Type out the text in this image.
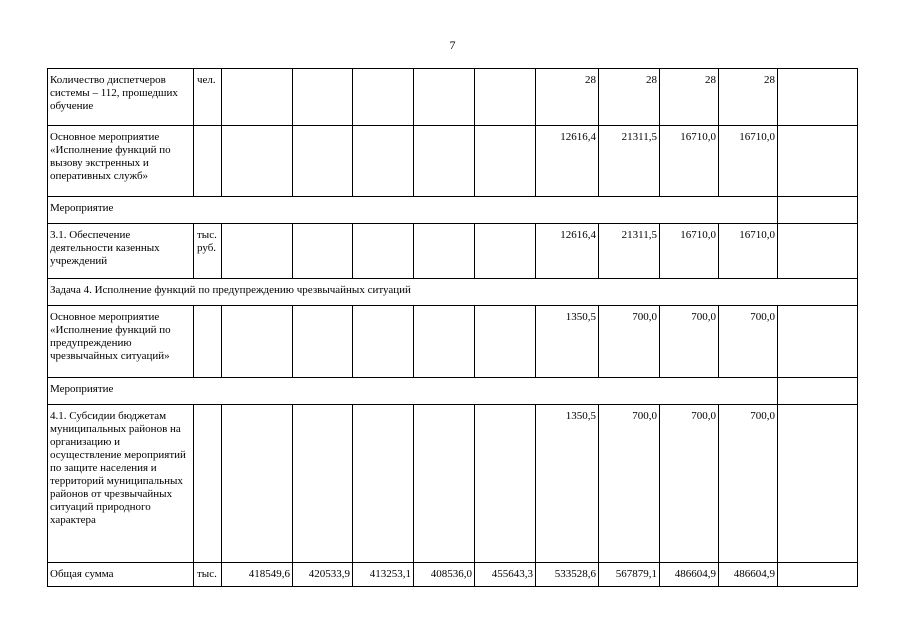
7
Количество диспетчеров системы – 112, прошедших обучение	чел.						28	28	28	28	
Основное мероприятие «Исполнение функций по вызову экстренных и оперативных служб»							12616,4	21311,5	16710,0	16710,0	
Мероприятие											
3.1. Обеспечение деятельности казенных учреждений	тыс. руб.						12616,4	21311,5	16710,0	16710,0	
Задача 4. Исполнение функций по предупреждению чрезвычайных ситуаций											
Основное мероприятие «Исполнение функций по предупреждению чрезвычайных ситуаций»							1350,5	700,0	700,0	700,0	
Мероприятие											
4.1. Субсидии бюджетам муниципальных районов на организацию и осуществление мероприятий по защите населения и территорий муниципальных районов от чрезвычайных ситуаций природного характера							1350,5	700,0	700,0	700,0	
Общая сумма	тыс.	418549,6	420533,9	413253,1	408536,0	455643,3	533528,6	567879,1	486604,9	486604,9	
